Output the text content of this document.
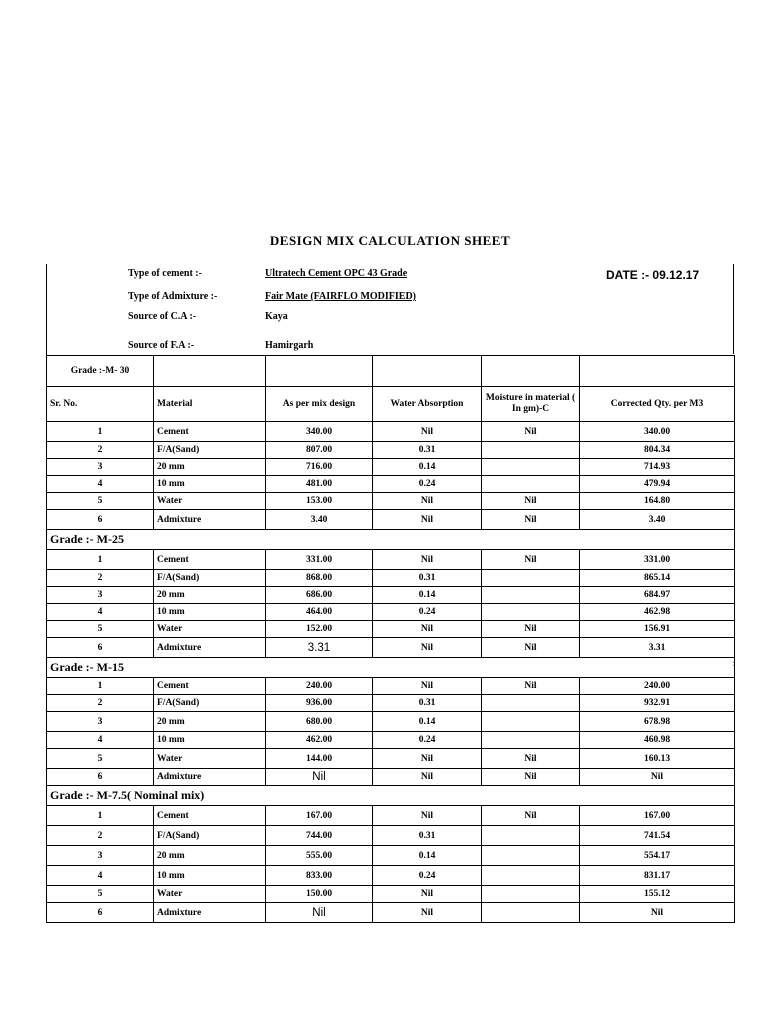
DESIGN MIX CALCULATION SHEET
Type of cement :-	Ultratech Cement OPC 43 Grade	DATE :- 09.12.17
Type of Admixture :-	Fair Mate (FAIRFLO MODIFIED)
Source of C.A :-	Kaya
Source of F.A :-	Hamirgarh
Grade :-M- 30					
Sr. No.	Material	As per mix design	Water Absorption	Moisture in material ( In gm)-C	Corrected Qty. per M3
1	Cement	340.00	Nil	Nil	340.00
2	F/A(Sand)	807.00	0.31		804.34
3	20 mm	716.00	0.14		714.93
4	10 mm	481.00	0.24		479.94
5	Water	153.00	Nil	Nil	164.80
6	Admixture	3.40	Nil	Nil	3.40
Grade :- M-25					
1	Cement	331.00	Nil	Nil	331.00
2	F/A(Sand)	868.00	0.31		865.14
3	20 mm	686.00	0.14		684.97
4	10 mm	464.00	0.24		462.98
5	Water	152.00	Nil	Nil	156.91
6	Admixture	3.31	Nil	Nil	3.31
Grade :- M-15					
1	Cement	240.00	Nil	Nil	240.00
2	F/A(Sand)	936.00	0.31		932.91
3	20 mm	680.00	0.14		678.98
4	10 mm	462.00	0.24		460.98
5	Water	144.00	Nil	Nil	160.13
6	Admixture	Nil	Nil	Nil	Nil
Grade :- M-7.5( Nominal mix)					
1	Cement	167.00	Nil	Nil	167.00
2	F/A(Sand)	744.00	0.31		741.54
3	20 mm	555.00	0.14		554.17
4	10 mm	833.00	0.24		831.17
5	Water	150.00	Nil		155.12
6	Admixture	Nil	Nil		Nil
:
